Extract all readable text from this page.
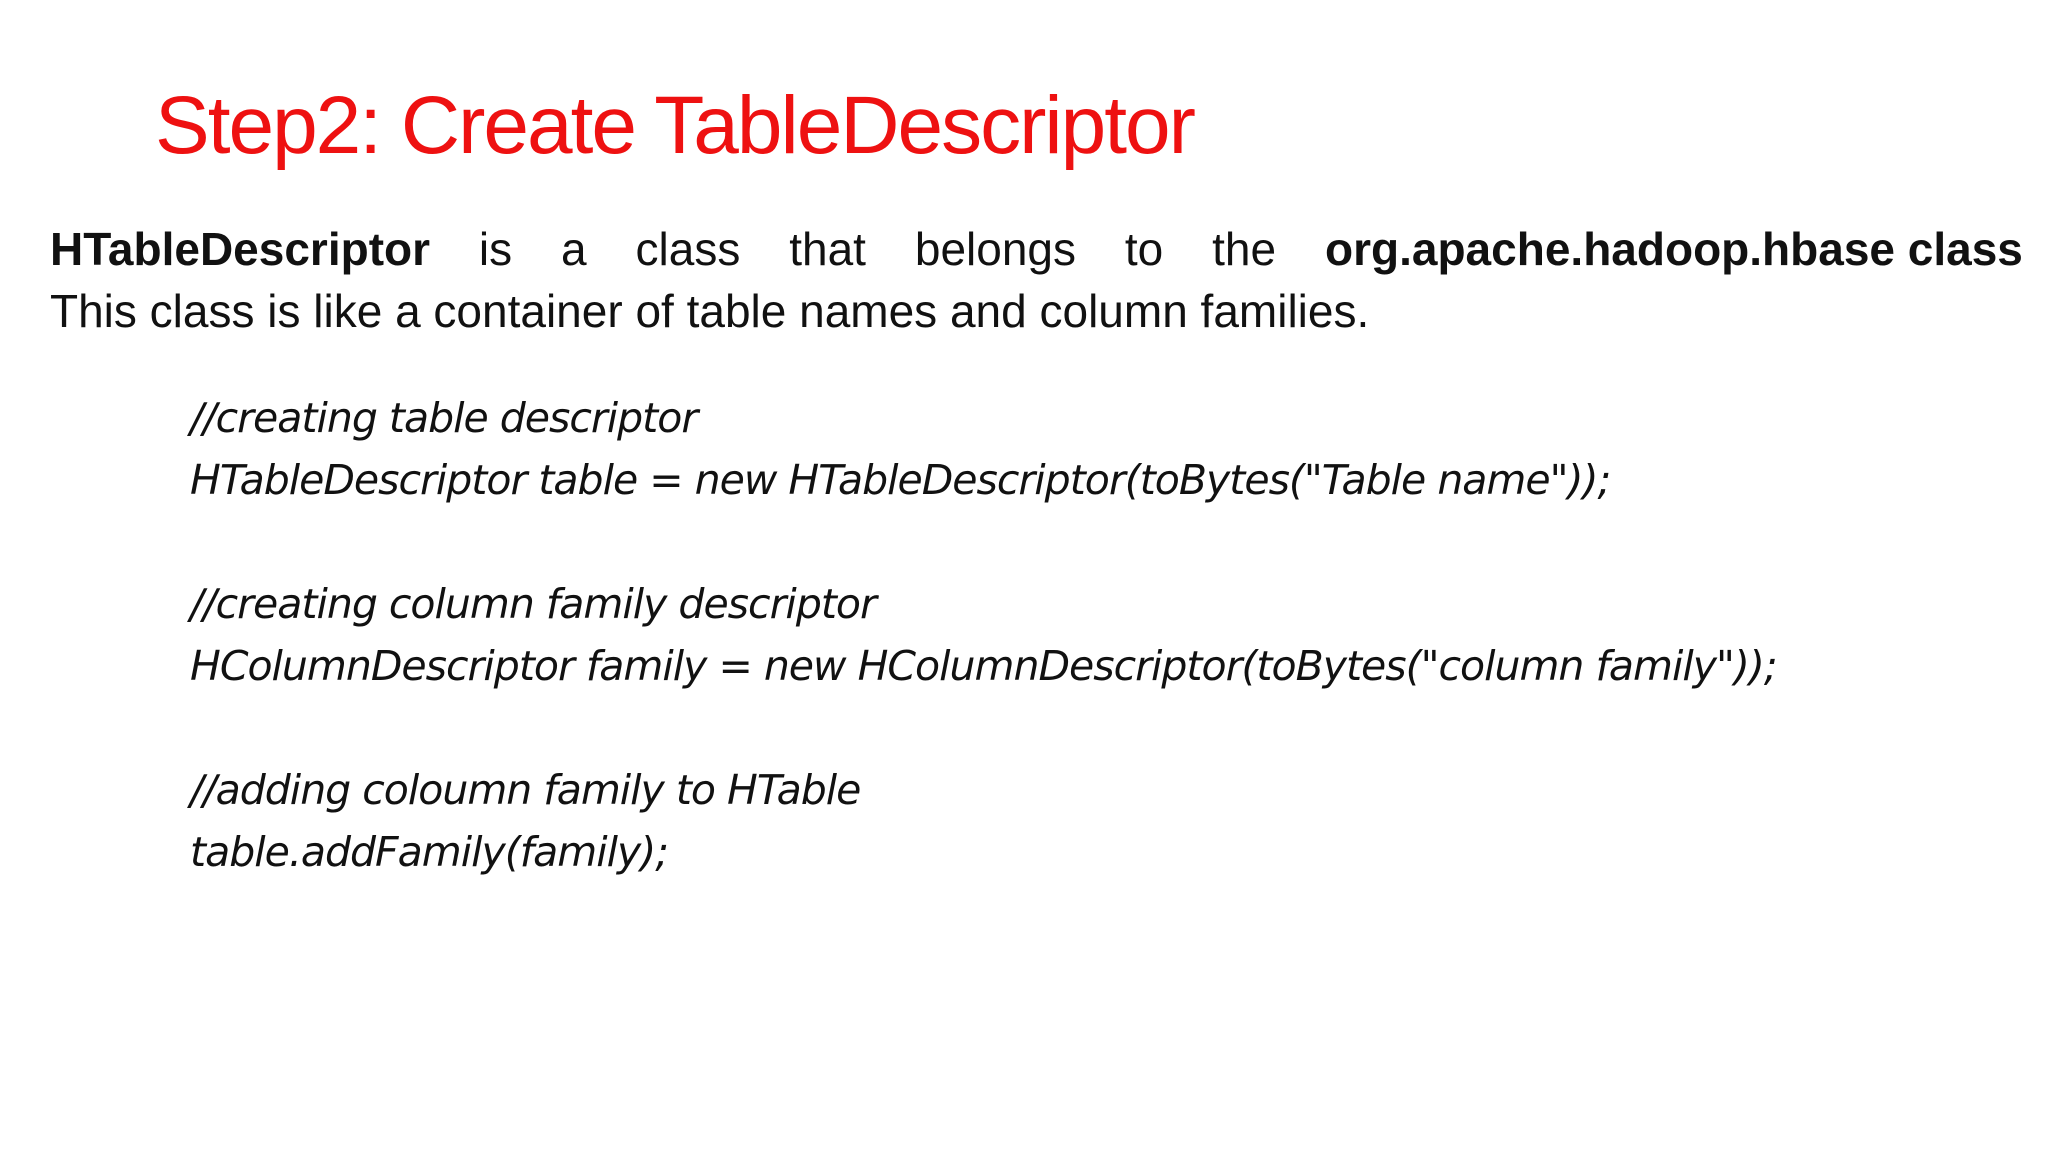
Step2: Create TableDescriptor
HTableDescriptor is a class that belongs to the org.apache.hadoop.hbase class
This class is like a container of table names and column families.
//creating table descriptor
HTableDescriptor table = new HTableDescriptor(toBytes("Table name"));
//creating column family descriptor
HColumnDescriptor family = new HColumnDescriptor(toBytes("column family"));
//adding coloumn family to HTable
table.addFamily(family);
